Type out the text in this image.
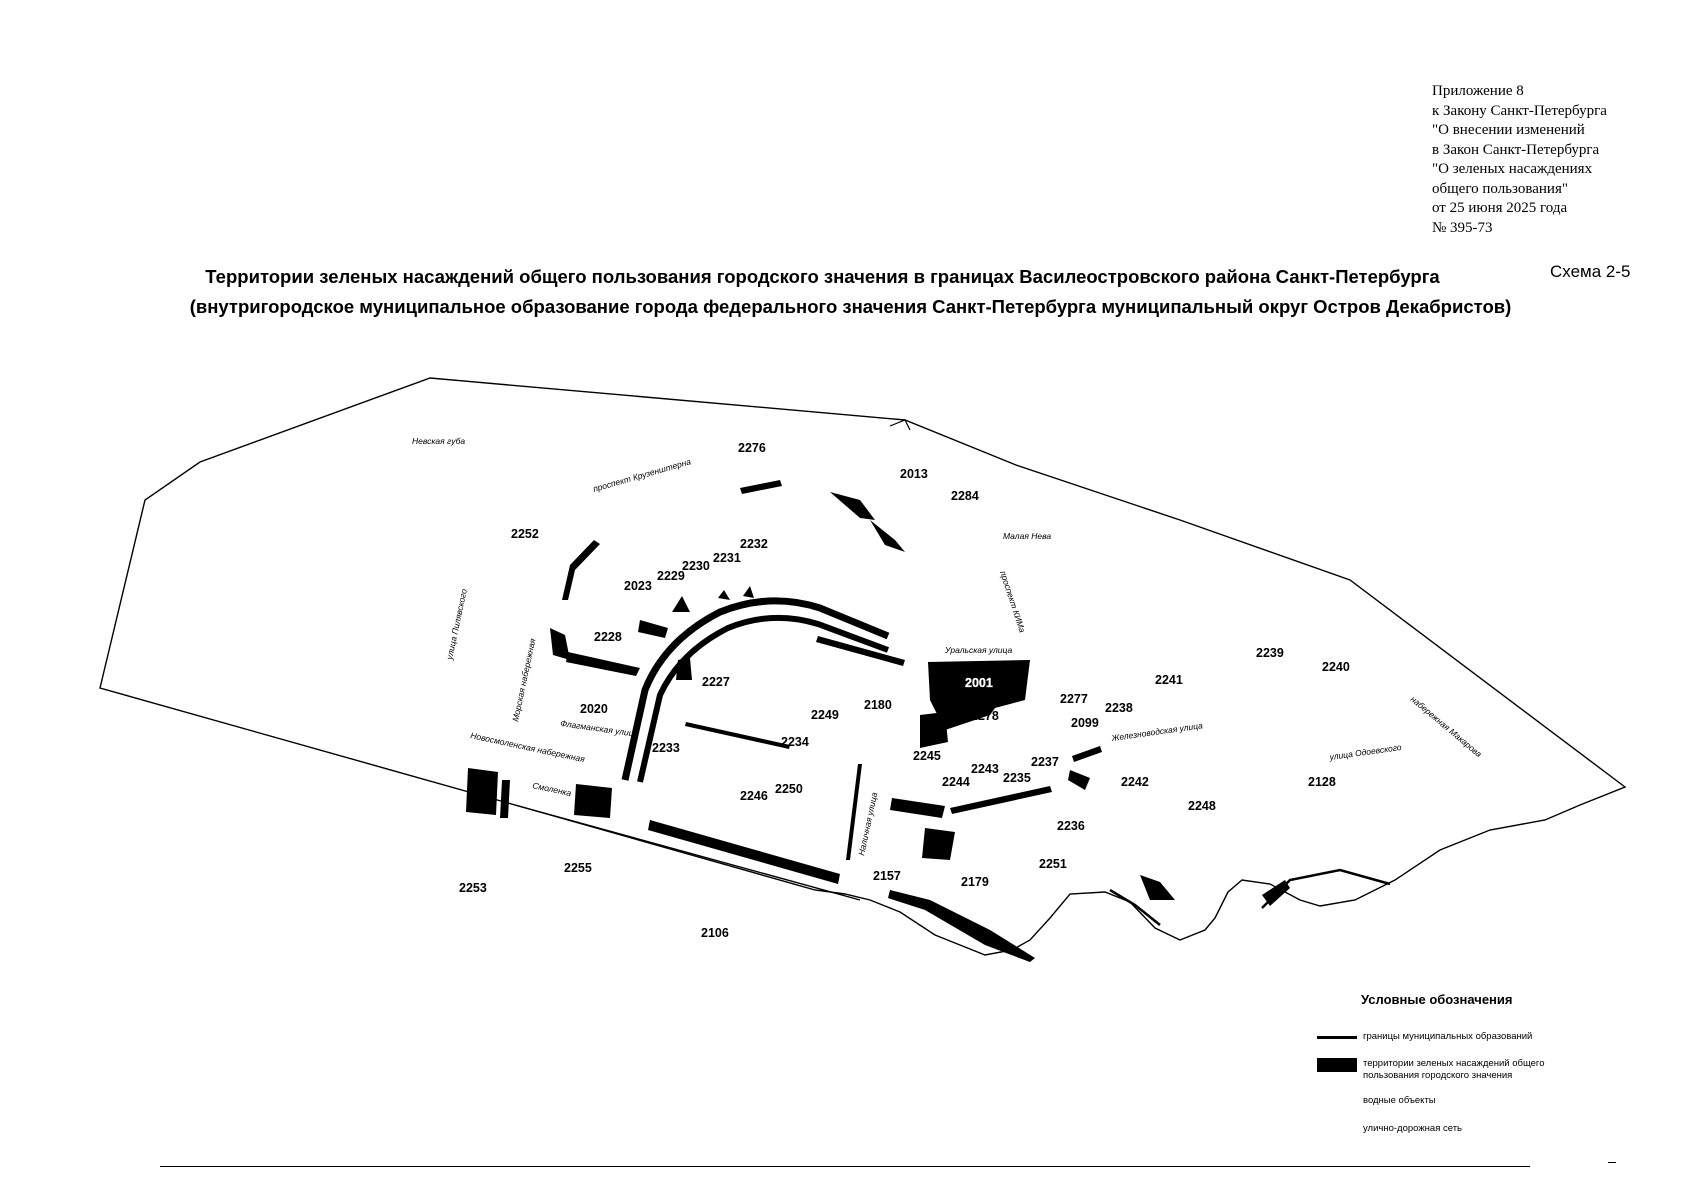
Приложение 8
к Закону Санкт-Петербурга
"О внесении изменений
в Закон Санкт-Петербурга
"О зеленых насаждениях
общего пользования"
от 25 июня 2025 года
№ 395-73
Территории зеленых насаждений общего пользования городского значения в границах Василеостровского района Санкт-Петербурга
(внутригородское муниципальное образование города федерального значения Санкт-Петербурга муниципальный округ Остров Декабристов)
Схема 2-5
2276
2013
2284
2252
2232
2231
2230
2229
2023
2228
2227	2001
2277
2238
2241
2239
2240
2020	2249
2180
2278	2099
2234
2233
2245	2237
2243
2235
2244	2242	2128
2250
2246
2248
2236
2255
2253
2157	2179
2251
2106
Невская губа
проспект Крузенштерна
Малая Нева
проспект КИМа
Уральская улица
улица Пилявского
Морская набережная
Флагманская улица
Новосмоленская набережная
Смоленка
Наличная улица
Железноводская улица
улица Одоевского набережная Макарова
Условные обозначения
границы муниципальных образований
территории зеленых насаждений общего
пользования городского значения
водные объекты
улично-дорожная сеть
